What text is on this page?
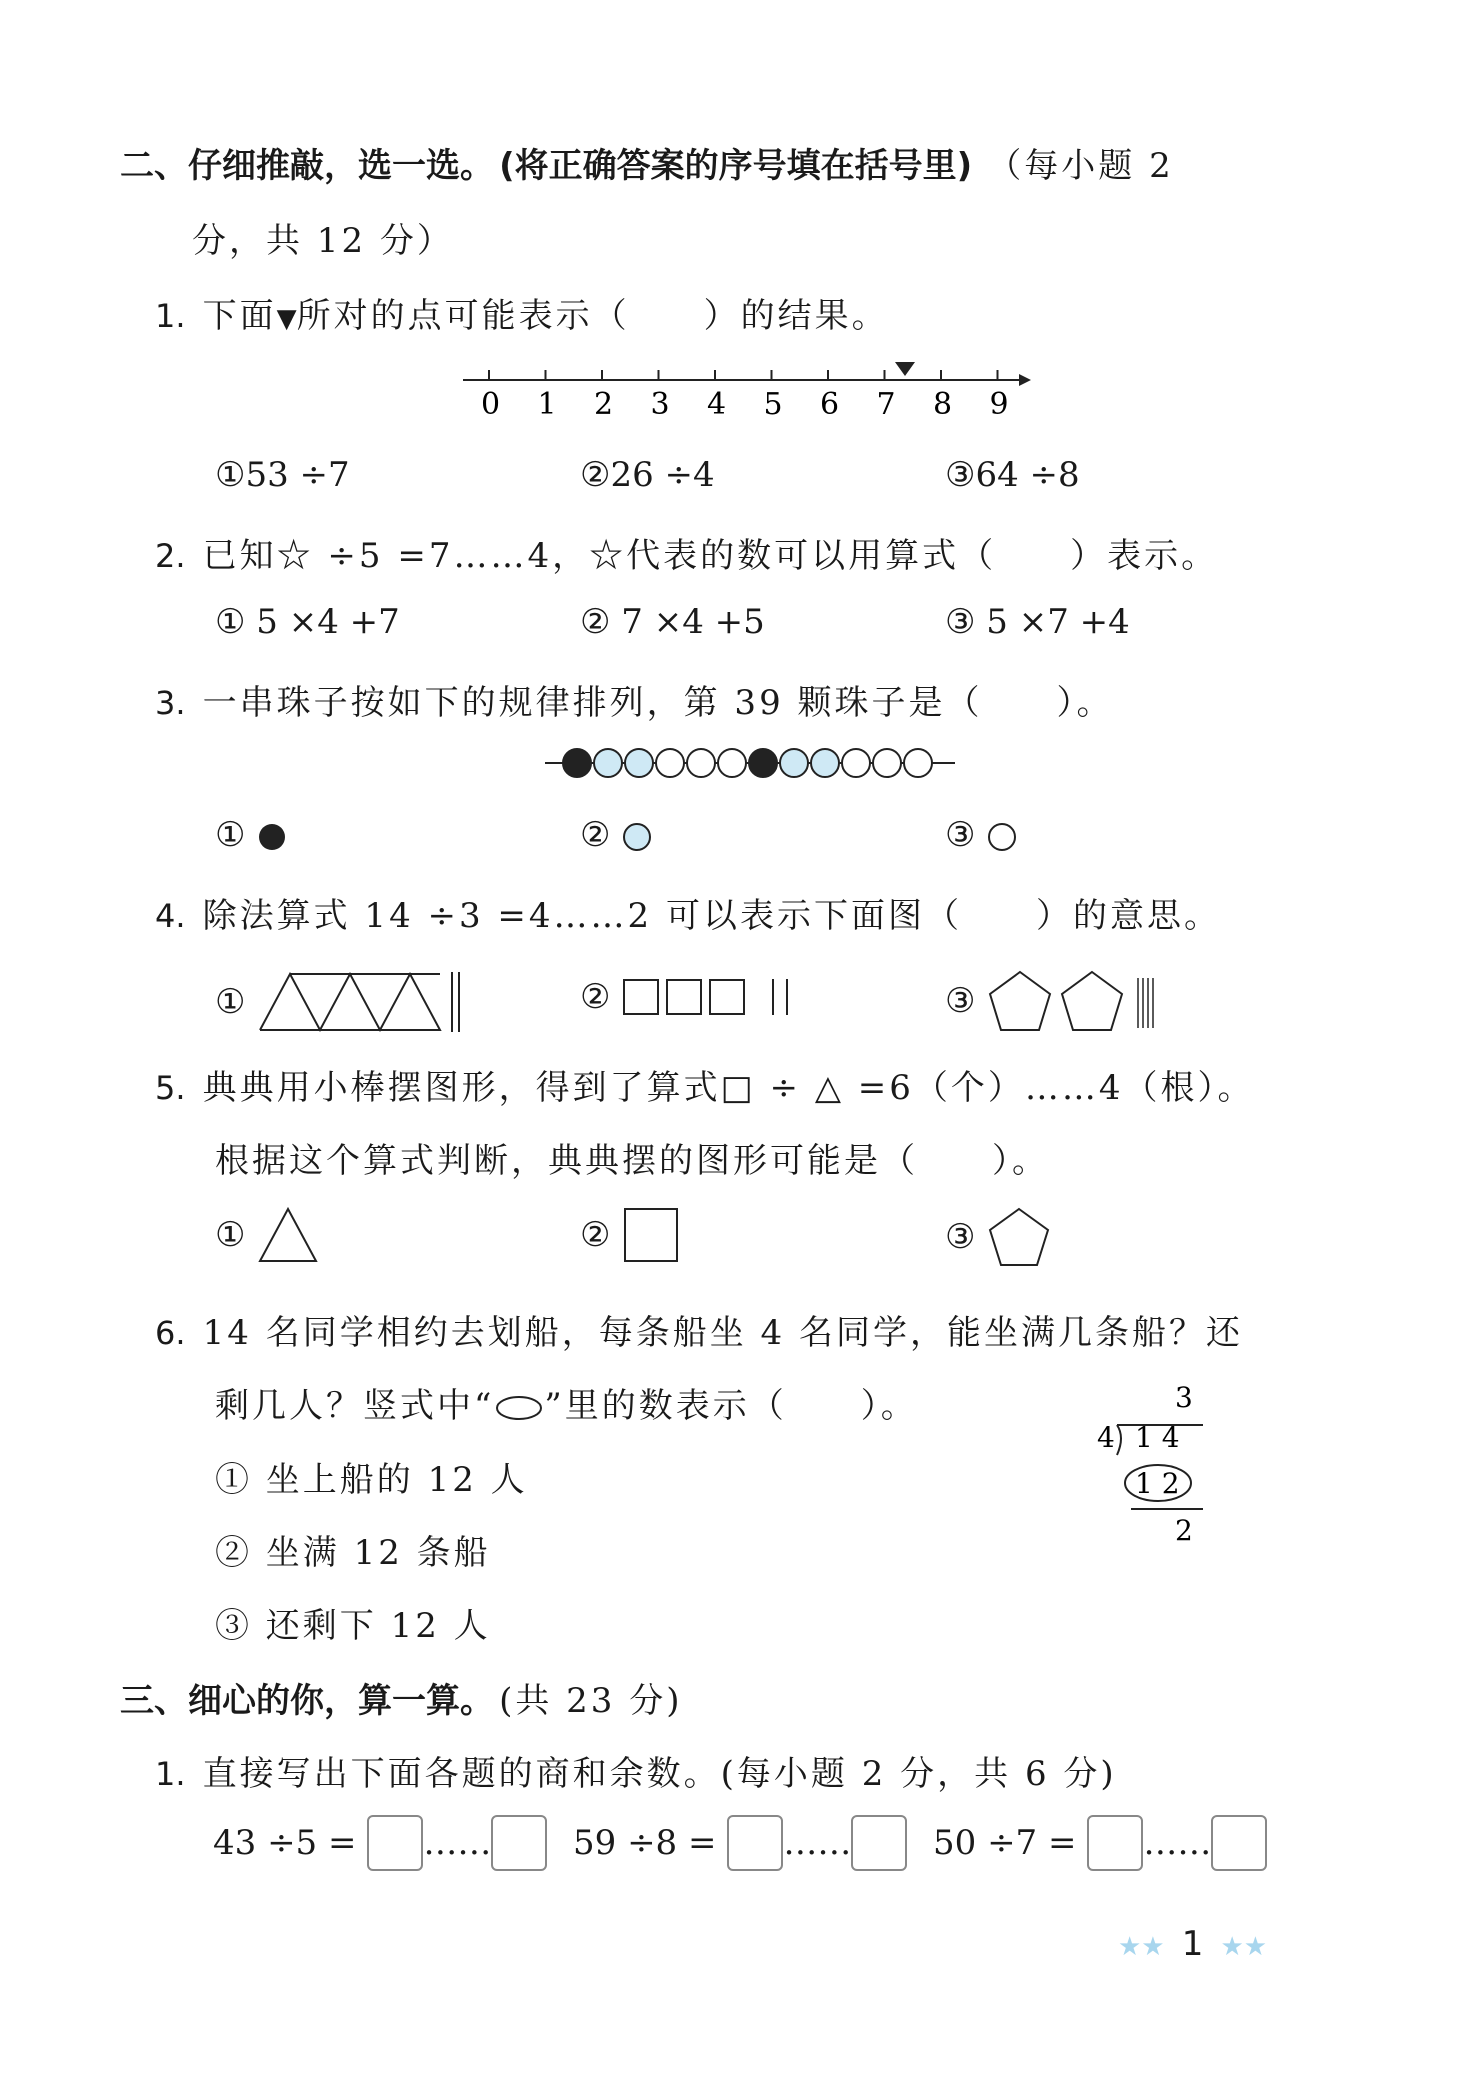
二、仔细推敲，选一选。 (将正确答案的序号填在括号里) （每小题 2
分，共 12 分）
1. 下面▼所对的点可能表示（　　）的结果。
0 1 2 3 4 5 6 7 8 9
①53 ÷7	②26 ÷4	③64 ÷8
2. 已知☆ ÷5 =7……4，☆代表的数可以用算式（　　）表示。
① 5 ×4 +7	② 7 ×4 +5	③ 5 ×7 +4
3. 一串珠子按如下的规律排列，第 39 颗珠子是（　　）。
①	②	③
4. 除法算式 14 ÷3 =4……2 可以表示下面图（　　）的意思。
①	②	③
5. 典典用小棒摆图形，得到了算式□ ÷ △ =6（个）……4（根）。
根据这个算式判断，典典摆的图形可能是（　　）。
①	②	③
6. 14 名同学相约去划船，每条船坐 4 名同学，能坐满几条船？还
剩几人？竖式中“ ”里的数表示（　　）。
① 坐上船的 12 人
② 坐满 12 条船
③ 还剩下 12 人
3
4 1 4
1 2
2
三、细心的你，算一算。 (共 23 分)
1. 直接写出下面各题的商和余数。(每小题 2 分，共 6 分)
43 ÷5 = ……	59 ÷8 = ……	50 ÷7 = ……
★★ 1 ★★
